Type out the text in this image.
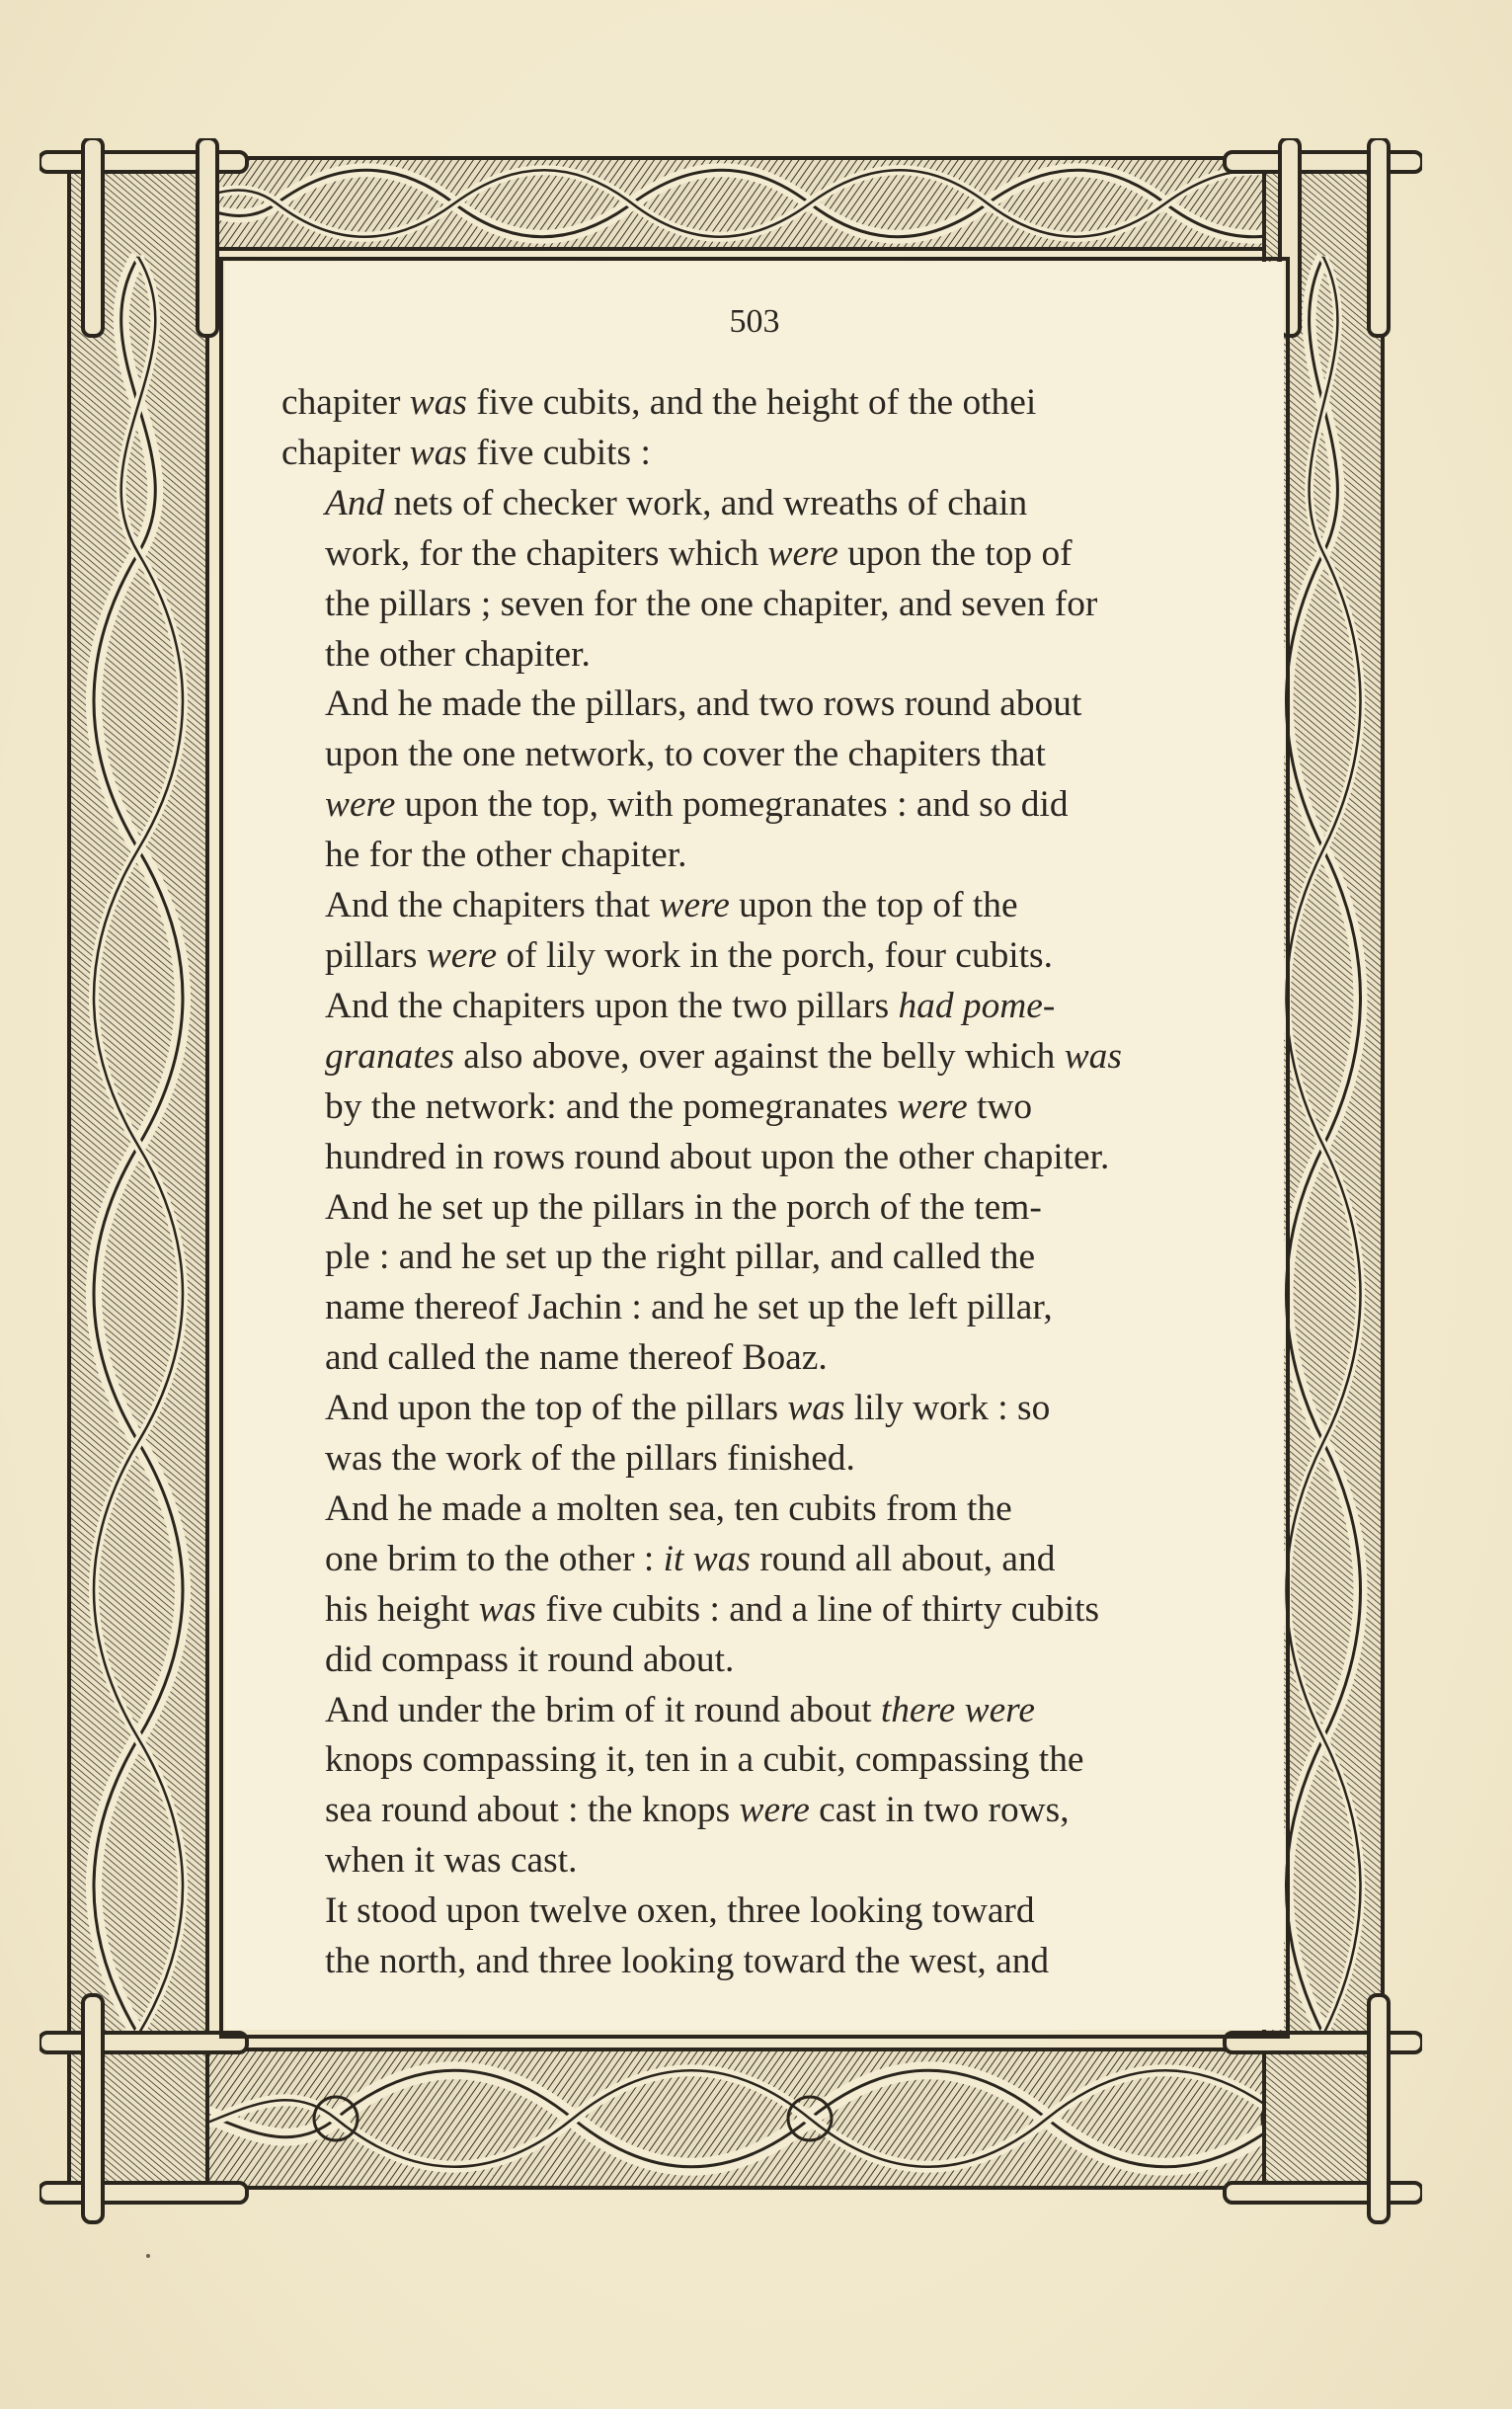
503

chapiter was five cubits, and the height of the othei
chapiter was five cubits :

And nets of checker work, and wreaths of chain
work, for the chapiters which were upon the top of
the pillars ; seven for the one chapiter, and seven for
the other chapiter.

And he made the pillars, and two rows round about
upon the one network, to cover the chapiters that
were upon the top, with pomegranates : and so did
he for the other chapiter.

And the chapiters that were upon the top of the
pillars were of lily work in the porch, four cubits.

And the chapiters upon the two pillars had pome-
granates also above, over against the belly which was
by the network: and the pomegranates were two
hundred in rows round about upon the other chapiter.

And he set up the pillars in the porch of the tem-
ple : and he set up the right pillar, and called the
name thereof Jachin : and he set up the left pillar,
and called the name thereof Boaz.

And upon the top of the pillars was lily work : so
was the work of the pillars finished.

And he made a molten sea, ten cubits from the
one brim to the other : it was round all about, and
his height was five cubits : and a line of thirty cubits
did compass it round about.

And under the brim of it round about there were
knops compassing it, ten in a cubit, compassing the
sea round about : the knops were cast in two rows,
when it was cast.

It stood upon twelve oxen, three looking toward
the north, and three looking toward the west, and
